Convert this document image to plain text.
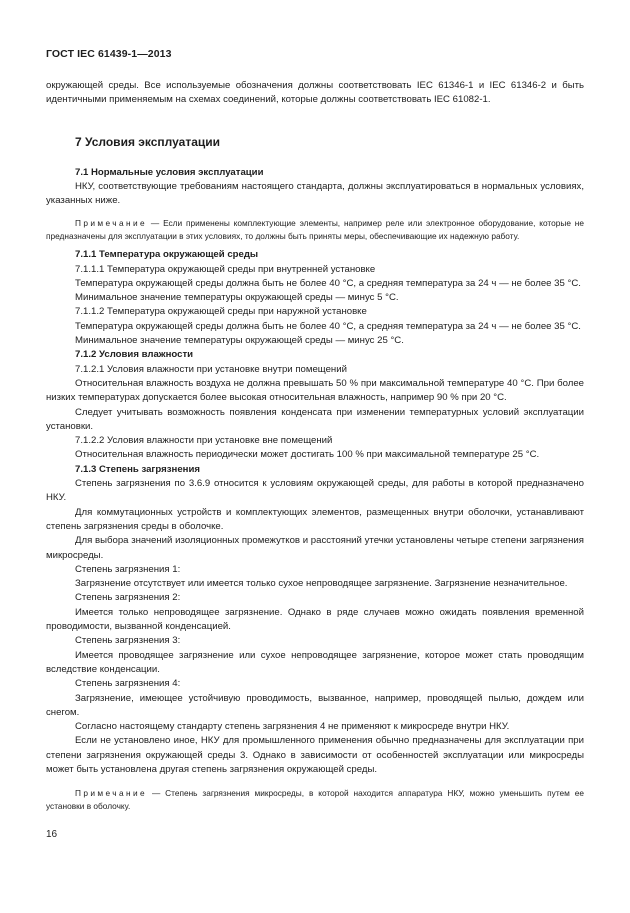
ГОСТ IEC 61439-1—2013

окружающей среды. Все используемые обозначения должны соответствовать IEC 61346-1 и IEC 61346-2 и быть идентичными применяемым на схемах соединений, которые должны соответствовать IEC 61082-1.

7 Условия эксплуатации

7.1 Нормальные условия эксплуатации

НКУ, соответствующие требованиям настоящего стандарта, должны эксплуатироваться в нормальных условиях, указанных ниже.

Примечание — Если применены комплектующие элементы, например реле или электронное оборудование, которые не предназначены для эксплуатации в этих условиях, то должны быть приняты меры, обеспечивающие их надежную работу.

7.1.1 Температура окружающей среды

7.1.1.1 Температура окружающей среды при внутренней установке

Температура окружающей среды должна быть не более 40 °С, а средняя температура за 24 ч — не более 35 °С.

Минимальное значение температуры окружающей среды — минус 5 °С.

7.1.1.2 Температура окружающей среды при наружной установке

Температура окружающей среды должна быть не более 40 °С, а средняя температура за 24 ч — не более 35 °С.

Минимальное значение температуры окружающей среды — минус 25 °С.

7.1.2 Условия влажности

7.1.2.1 Условия влажности при установке внутри помещений

Относительная влажность воздуха не должна превышать 50 % при максимальной температуре 40 °С. При более низких температурах допускается более высокая относительная влажность, например 90 % при 20 °С.

Следует учитывать возможность появления конденсата при изменении температурных условий эксплуатации установки.

7.1.2.2 Условия влажности при установке вне помещений

Относительная влажность периодически может достигать 100 % при максимальной температуре 25 °С.

7.1.3 Степень загрязнения

Степень загрязнения по 3.6.9 относится к условиям окружающей среды, для работы в которой предназначено НКУ.

Для коммутационных устройств и комплектующих элементов, размещенных внутри оболочки, устанавливают степень загрязнения среды в оболочке.

Для выбора значений изоляционных промежутков и расстояний утечки установлены четыре степени загрязнения микросреды.

Степень загрязнения 1:

Загрязнение отсутствует или имеется только сухое непроводящее загрязнение. Загрязнение незначительное.

Степень загрязнения 2:

Имеется только непроводящее загрязнение. Однако в ряде случаев можно ожидать появления временной проводимости, вызванной конденсацией.

Степень загрязнения 3:

Имеется проводящее загрязнение или сухое непроводящее загрязнение, которое может стать проводящим вследствие конденсации.

Степень загрязнения 4:

Загрязнение, имеющее устойчивую проводимость, вызванное, например, проводящей пылью, дождем или снегом.

Согласно настоящему стандарту степень загрязнения 4 не применяют к микросреде внутри НКУ.

Если не установлено иное, НКУ для промышленного применения обычно предназначены для эксплуатации при степени загрязнения окружающей среды 3. Однако в зависимости от особенностей эксплуатации или микросреды может быть установлена другая степень загрязнения окружающей среды.

Примечание — Степень загрязнения микросреды, в которой находится аппаратура НКУ, можно уменьшить путем ее установки в оболочку.

16
